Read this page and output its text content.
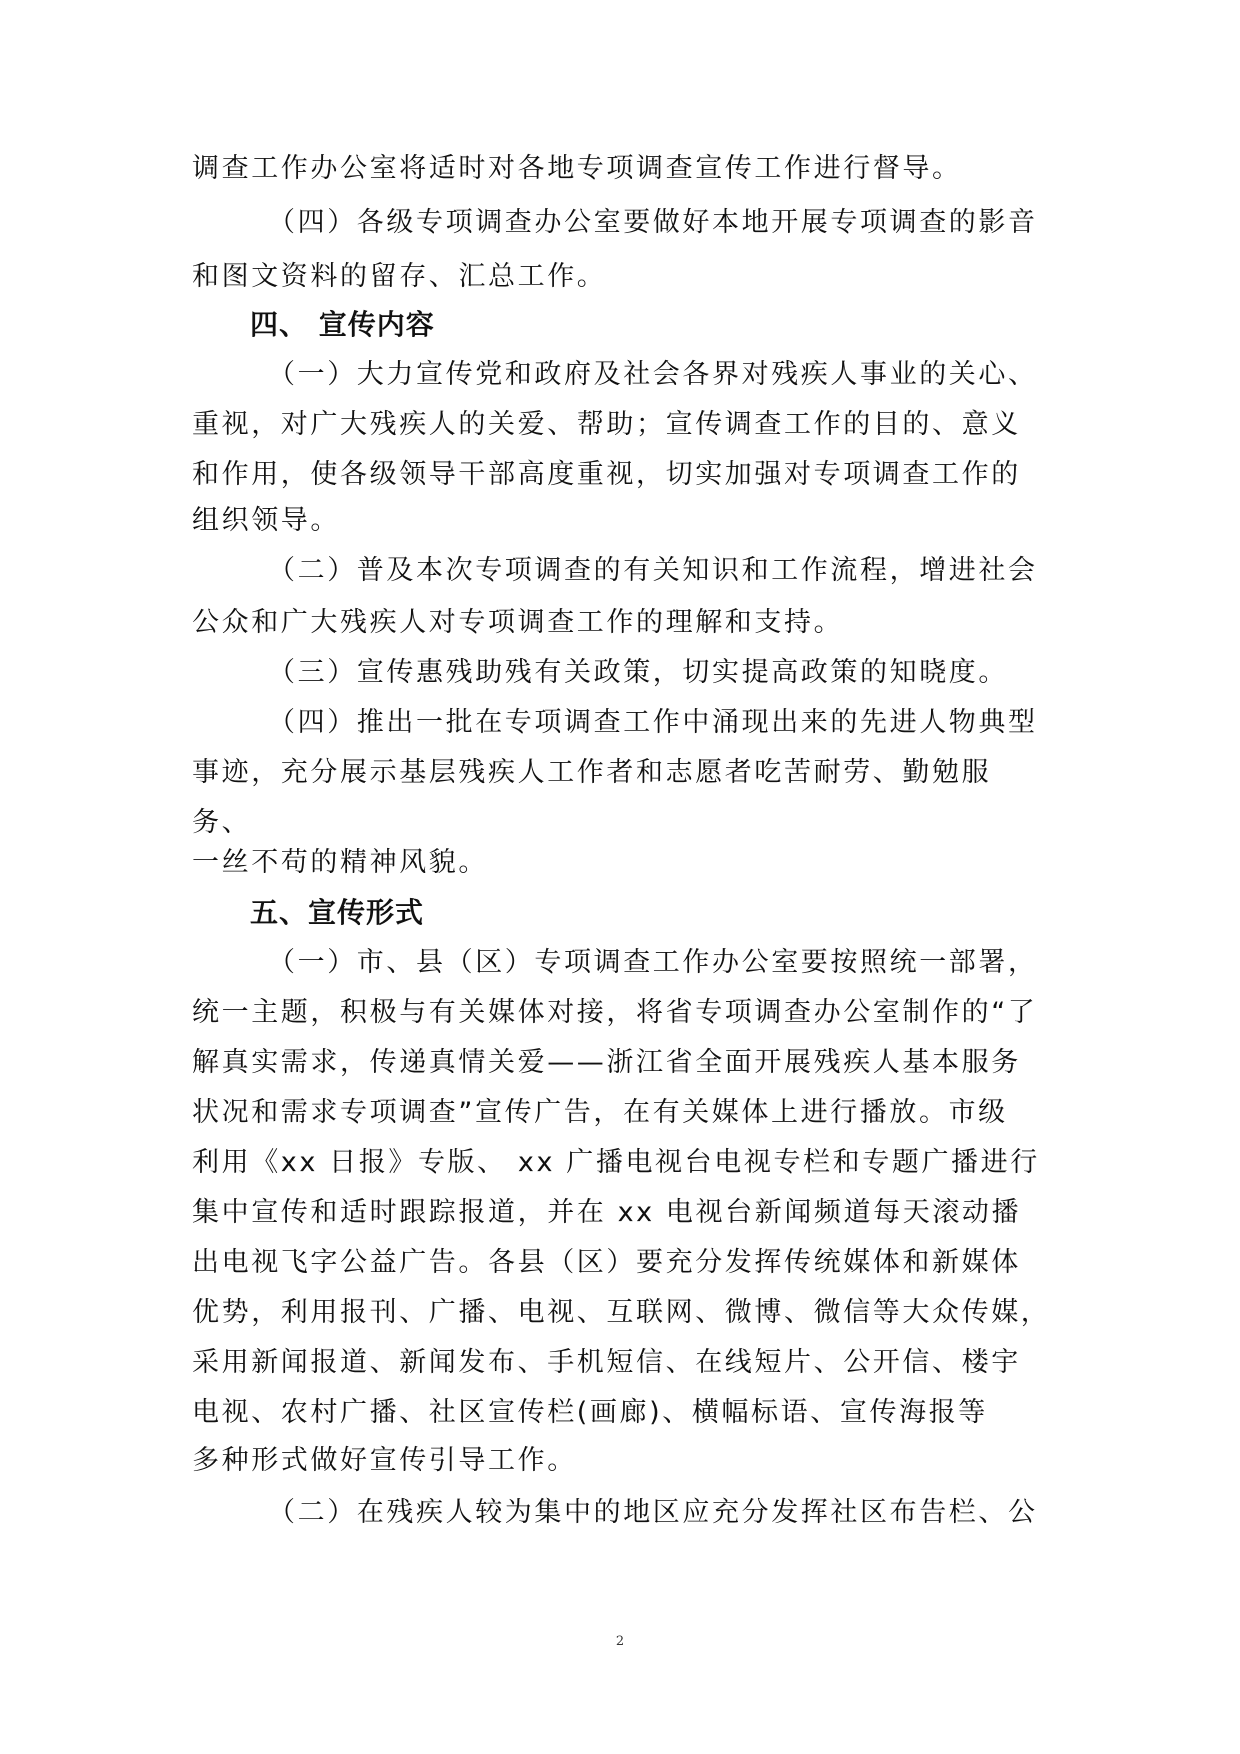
调查工作办公室将适时对各地专项调查宣传工作进行督导。
（四）各级专项调查办公室要做好本地开展专项调查的影音
和图文资料的留存、汇总工作。
四、 宣传内容
（一）大力宣传党和政府及社会各界对残疾人事业的关心、
重视，对广大残疾人的关爱、帮助；宣传调查工作的目的、意义
和作用，使各级领导干部高度重视，切实加强对专项调查工作的
组织领导。
（二）普及本次专项调查的有关知识和工作流程，增进社会
公众和广大残疾人对专项调查工作的理解和支持。
（三）宣传惠残助残有关政策，切实提高政策的知晓度。
（四）推出一批在专项调查工作中涌现出来的先进人物典型
事迹，充分展示基层残疾人工作者和志愿者吃苦耐劳、勤勉服
务、
一丝不苟的精神风貌。
五、宣传形式
（一）市、县（区）专项调查工作办公室要按照统一部署，
统一主题，积极与有关媒体对接，将省专项调查办公室制作的“了
解真实需求，传递真情关爱——浙江省全面开展残疾人基本服务
状况和需求专项调查”宣传广告，在有关媒体上进行播放。市级
利用《xx 日报》专版、 xx 广播电视台电视专栏和专题广播进行
集中宣传和适时跟踪报道，并在 xx 电视台新闻频道每天滚动播
出电视飞字公益广告。各县（区）要充分发挥传统媒体和新媒体
优势，利用报刊、广播、电视、互联网、微博、微信等大众传媒，
采用新闻报道、新闻发布、手机短信、在线短片、公开信、楼宇
电视、农村广播、社区宣传栏(画廊)、横幅标语、宣传海报等
多种形式做好宣传引导工作。
（二）在残疾人较为集中的地区应充分发挥社区布告栏、公
2
